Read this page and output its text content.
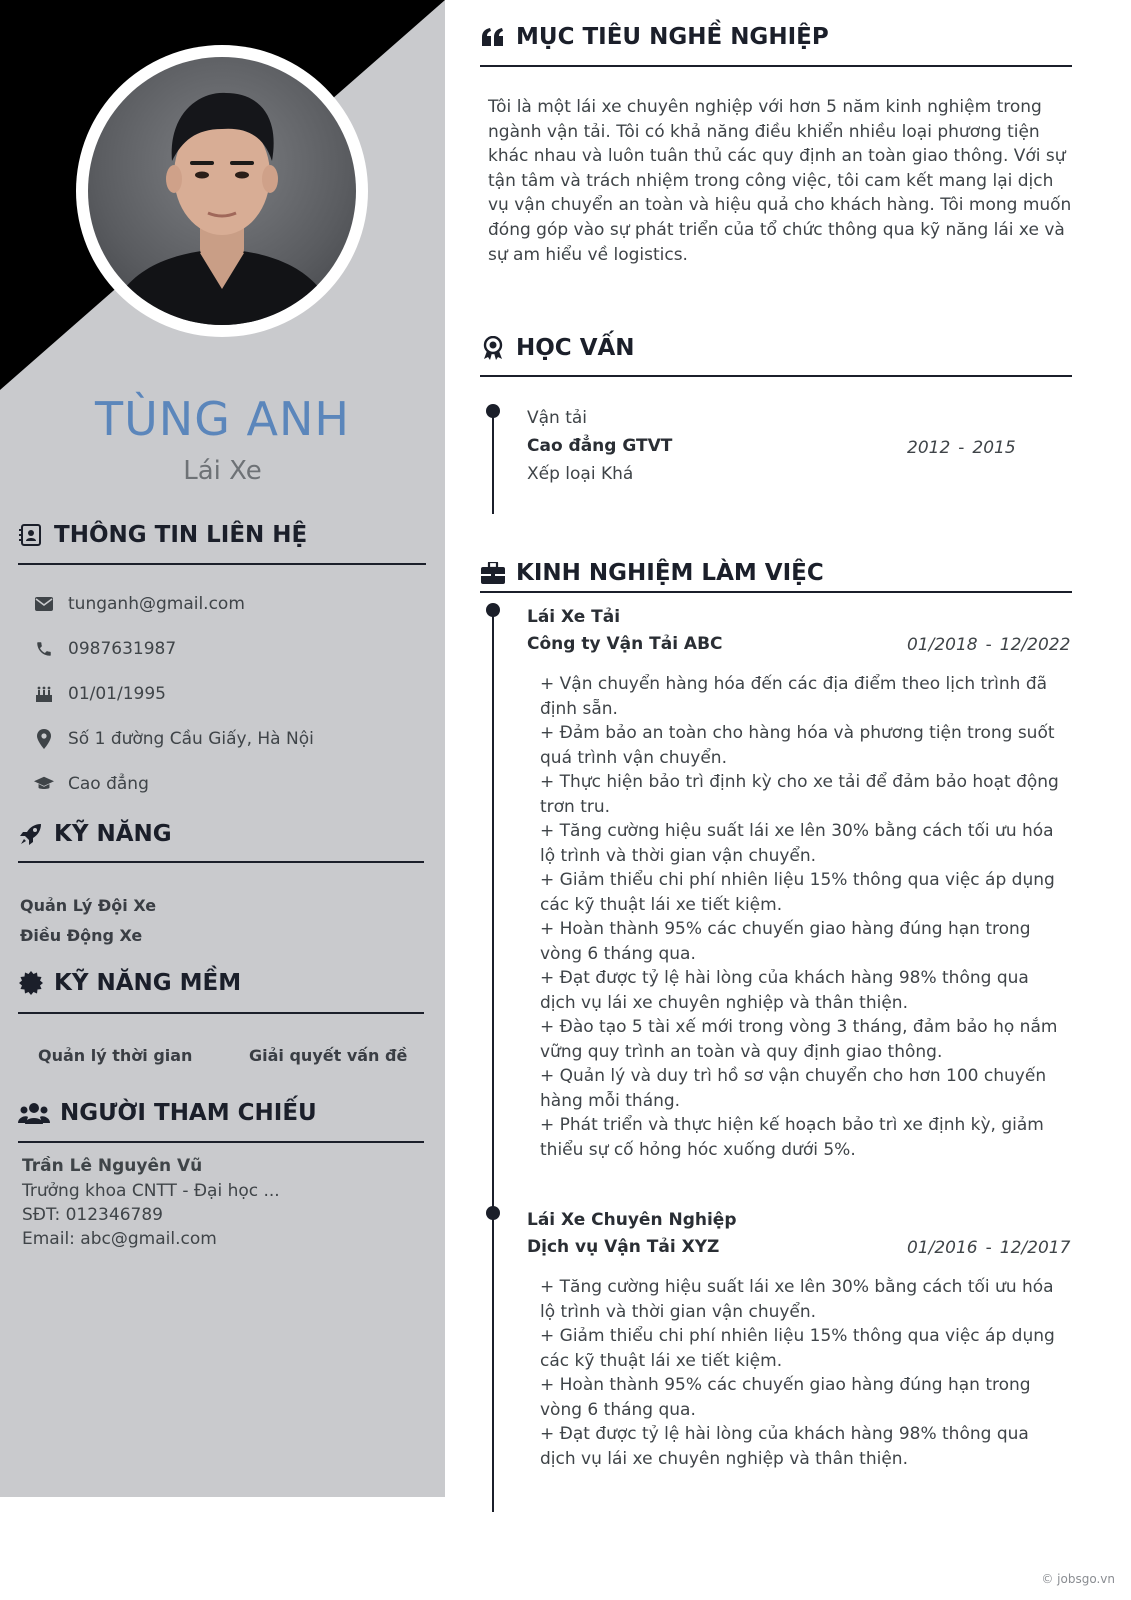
TÙNG ANH
Lái Xe
THÔNG TIN LIÊN HỆ
tunganh@gmail.com
0987631987
01/01/1995
Số 1 đường Cầu Giấy, Hà Nội
Cao đẳng
KỸ NĂNG
Quản Lý Đội Xe
Điều Động Xe
KỸ NĂNG MỀM
Quản lý thời gian	Giải quyết vấn đề
NGƯỜI THAM CHIẾU
Trần Lê Nguyên Vũ
Trưởng khoa CNTT - Đại học ...
SĐT: 012346789
Email: abc@gmail.com
MỤC TIÊU NGHỀ NGHIỆP
Tôi là một lái xe chuyên nghiệp với hơn 5 năm kinh nghiệm trong ngành vận tải. Tôi có khả năng điều khiển nhiều loại phương tiện khác nhau và luôn tuân thủ các quy định an toàn giao thông. Với sự tận tâm và trách nhiệm trong công việc, tôi cam kết mang lại dịch vụ vận chuyển an toàn và hiệu quả cho khách hàng. Tôi mong muốn đóng góp vào sự phát triển của tổ chức thông qua kỹ năng lái xe và sự am hiểu về logistics.
HỌC VẤN
Vận tải
Cao đẳng GTVT
Xếp loại Khá
2012 - 2015
KINH NGHIỆM LÀM VIỆC
Lái Xe Tải
Công ty Vận Tải ABC	01/2018 - 12/2022
+ Vận chuyển hàng hóa đến các địa điểm theo lịch trình đã định sẵn.
+ Đảm bảo an toàn cho hàng hóa và phương tiện trong suốt quá trình vận chuyển.
+ Thực hiện bảo trì định kỳ cho xe tải để đảm bảo hoạt động trơn tru.
+ Tăng cường hiệu suất lái xe lên 30% bằng cách tối ưu hóa lộ trình và thời gian vận chuyển.
+ Giảm thiểu chi phí nhiên liệu 15% thông qua việc áp dụng các kỹ thuật lái xe tiết kiệm.
+ Hoàn thành 95% các chuyến giao hàng đúng hạn trong vòng 6 tháng qua.
+ Đạt được tỷ lệ hài lòng của khách hàng 98% thông qua dịch vụ lái xe chuyên nghiệp và thân thiện.
+ Đào tạo 5 tài xế mới trong vòng 3 tháng, đảm bảo họ nắm vững quy trình an toàn và quy định giao thông.
+ Quản lý và duy trì hồ sơ vận chuyển cho hơn 100 chuyến hàng mỗi tháng.
+ Phát triển và thực hiện kế hoạch bảo trì xe định kỳ, giảm thiểu sự cố hỏng hóc xuống dưới 5%.
Lái Xe Chuyên Nghiệp
Dịch vụ Vận Tải XYZ	01/2016 - 12/2017
+ Tăng cường hiệu suất lái xe lên 30% bằng cách tối ưu hóa lộ trình và thời gian vận chuyển.
+ Giảm thiểu chi phí nhiên liệu 15% thông qua việc áp dụng các kỹ thuật lái xe tiết kiệm.
+ Hoàn thành 95% các chuyến giao hàng đúng hạn trong vòng 6 tháng qua.
+ Đạt được tỷ lệ hài lòng của khách hàng 98% thông qua dịch vụ lái xe chuyên nghiệp và thân thiện.
© jobsgo.vn
